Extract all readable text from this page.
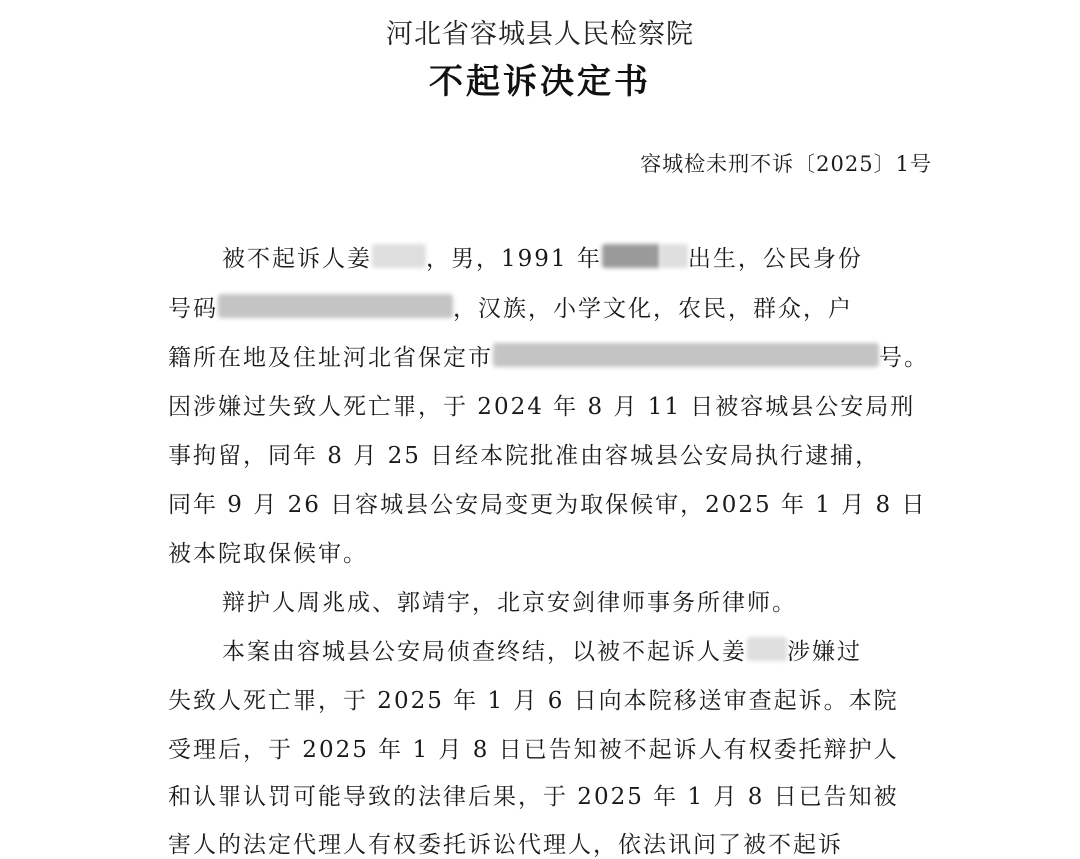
河北省容城县人民检察院
不起诉决定书
容城检未刑不诉〔2025〕1号
被不起诉人姜 ，男，1991 年	出生，公民身份
号码	，汉族，小学文化，农民，群众，户
籍所在地及住址河北省保定市	号。
因涉嫌过失致人死亡罪，于 2024 年 8 月 11 日被容城县公安局刑
事拘留，同年 8 月 25 日经本院批准由容城县公安局执行逮捕，
同年 9 月 26 日容城县公安局变更为取保候审，2025 年 1 月 8 日
被本院取保候审。
辩护人周兆成、郭靖宇，北京安剑律师事务所律师。
本案由容城县公安局侦查终结，以被不起诉人姜 涉嫌过
失致人死亡罪，于 2025 年 1 月 6 日向本院移送审查起诉。本院
受理后，于 2025 年 1 月 8 日已告知被不起诉人有权委托辩护人
和认罪认罚可能导致的法律后果，于 2025 年 1 月 8 日已告知被
害人的法定代理人有权委托诉讼代理人，依法讯问了被不起诉
